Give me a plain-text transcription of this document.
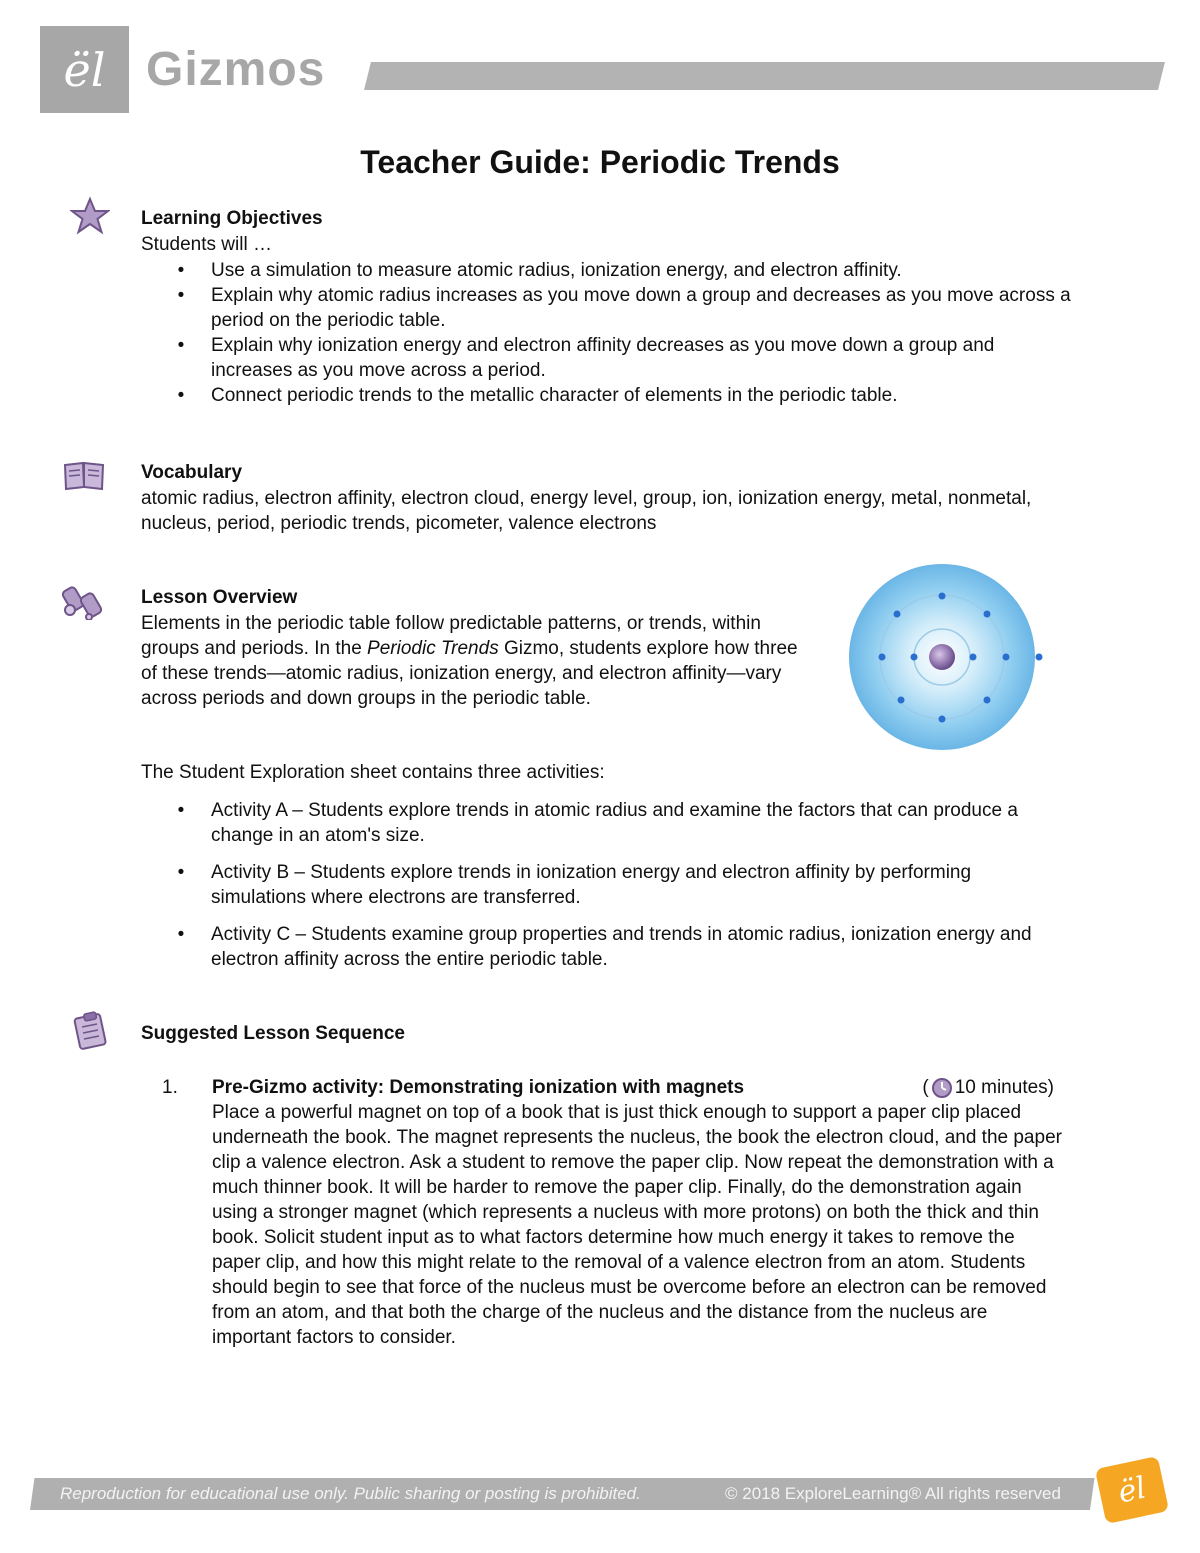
ël Gizmos
Teacher Guide: Periodic Trends
Learning Objectives
Students will …
• Use a simulation to measure atomic radius, ionization energy, and electron affinity.
• Explain why atomic radius increases as you move down a group and decreases as you move across a period on the periodic table.
• Explain why ionization energy and electron affinity decreases as you move down a group and increases as you move across a period.
• Connect periodic trends to the metallic character of elements in the periodic table.
Vocabulary
atomic radius, electron affinity, electron cloud, energy level, group, ion, ionization energy, metal, nonmetal, nucleus, period, periodic trends, picometer, valence electrons
Lesson Overview
Elements in the periodic table follow predictable patterns, or trends, within groups and periods. In the Periodic Trends Gizmo, students explore how three of these trends—atomic radius, ionization energy, and electron affinity—vary across periods and down groups in the periodic table.
The Student Exploration sheet contains three activities:
• Activity A – Students explore trends in atomic radius and examine the factors that can produce a change in an atom's size.
• Activity B – Students explore trends in ionization energy and electron affinity by performing simulations where electrons are transferred.
• Activity C – Students examine group properties and trends in atomic radius, ionization energy and electron affinity across the entire periodic table.
Suggested Lesson Sequence
1. Pre-Gizmo activity: Demonstrating ionization with magnets	( 10 minutes)
Place a powerful magnet on top of a book that is just thick enough to support a paper clip placed underneath the book. The magnet represents the nucleus, the book the electron cloud, and the paper clip a valence electron. Ask a student to remove the paper clip. Now repeat the demonstration with a much thinner book. It will be harder to remove the paper clip. Finally, do the demonstration again using a stronger magnet (which represents a nucleus with more protons) on both the thick and thin book. Solicit student input as to what factors determine how much energy it takes to remove the paper clip, and how this might relate to the removal of a valence electron from an atom. Students should begin to see that force of the nucleus must be overcome before an electron can be removed from an atom, and that both the charge of the nucleus and the distance from the nucleus are important factors to consider.
Reproduction for educational use only. Public sharing or posting is prohibited.	© 2018 ExploreLearning® All rights reserved ël
